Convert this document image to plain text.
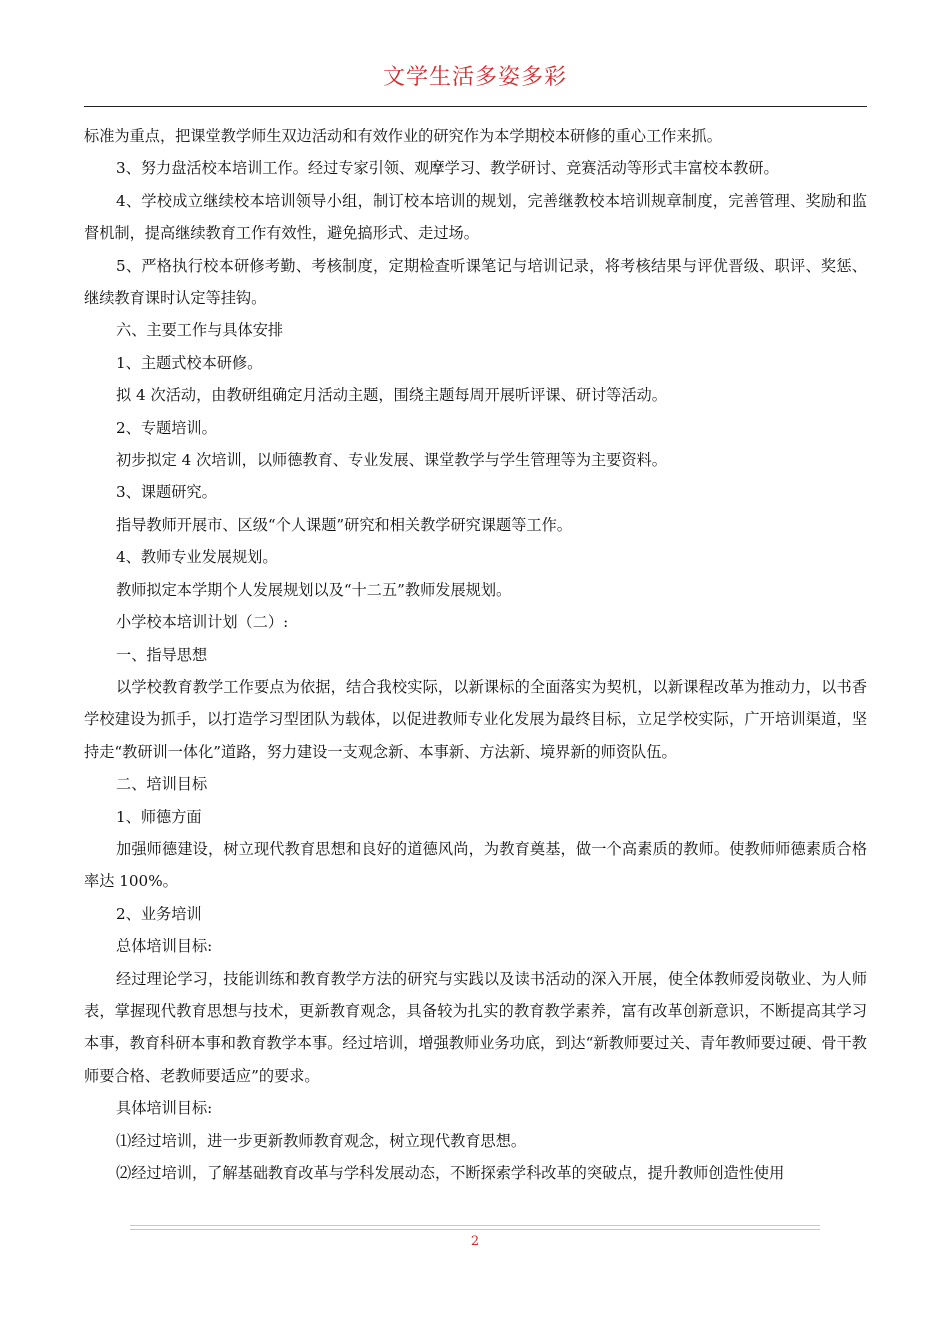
文学生活多姿多彩

标准为重点，把课堂教学师生双边活动和有效作业的研究作为本学期校本研修的重心工作来抓。

3、努力盘活校本培训工作。经过专家引领、观摩学习、教学研讨、竞赛活动等形式丰富校本教研。

4、学校成立继续校本培训领导小组，制订校本培训的规划，完善继教校本培训规章制度，完善管理、奖励和监督机制，提高继续教育工作有效性，避免搞形式、走过场。

5、严格执行校本研修考勤、考核制度，定期检查听课笔记与培训记录，将考核结果与评优晋级、职评、奖惩、继续教育课时认定等挂钩。

六、主要工作与具体安排

1、主题式校本研修。

拟 4 次活动，由教研组确定月活动主题，围绕主题每周开展听评课、研讨等活动。

2、专题培训。

初步拟定 4 次培训，以师德教育、专业发展、课堂教学与学生管理等为主要资料。

3、课题研究。

指导教师开展市、区级“个人课题”研究和相关教学研究课题等工作。

4、教师专业发展规划。

教师拟定本学期个人发展规划以及“十二五”教师发展规划。

小学校本培训计划（二）:

一、指导思想

以学校教育教学工作要点为依据，结合我校实际，以新课标的全面落实为契机，以新课程改革为推动力，以书香学校建设为抓手，以打造学习型团队为载体，以促进教师专业化发展为最终目标，立足学校实际，广开培训渠道，坚持走“教研训一体化”道路，努力建设一支观念新、本事新、方法新、境界新的师资队伍。

二、培训目标

1、师德方面

加强师德建设，树立现代教育思想和良好的道德风尚，为教育奠基，做一个高素质的教师。使教师师德素质合格率达 100%。

2、业务培训

总体培训目标:

经过理论学习，技能训练和教育教学方法的研究与实践以及读书活动的深入开展，使全体教师爱岗敬业、为人师表，掌握现代教育思想与技术，更新教育观念，具备较为扎实的教育教学素养，富有改革创新意识，不断提高其学习本事，教育科研本事和教育教学本事。经过培训，增强教师业务功底，到达“新教师要过关、青年教师要过硬、骨干教师要合格、老教师要适应”的要求。

具体培训目标:

⑴经过培训，进一步更新教师教育观念，树立现代教育思想。

⑵经过培训，了解基础教育改革与学科发展动态，不断探索学科改革的突破点，提升教师创造性使用

2
